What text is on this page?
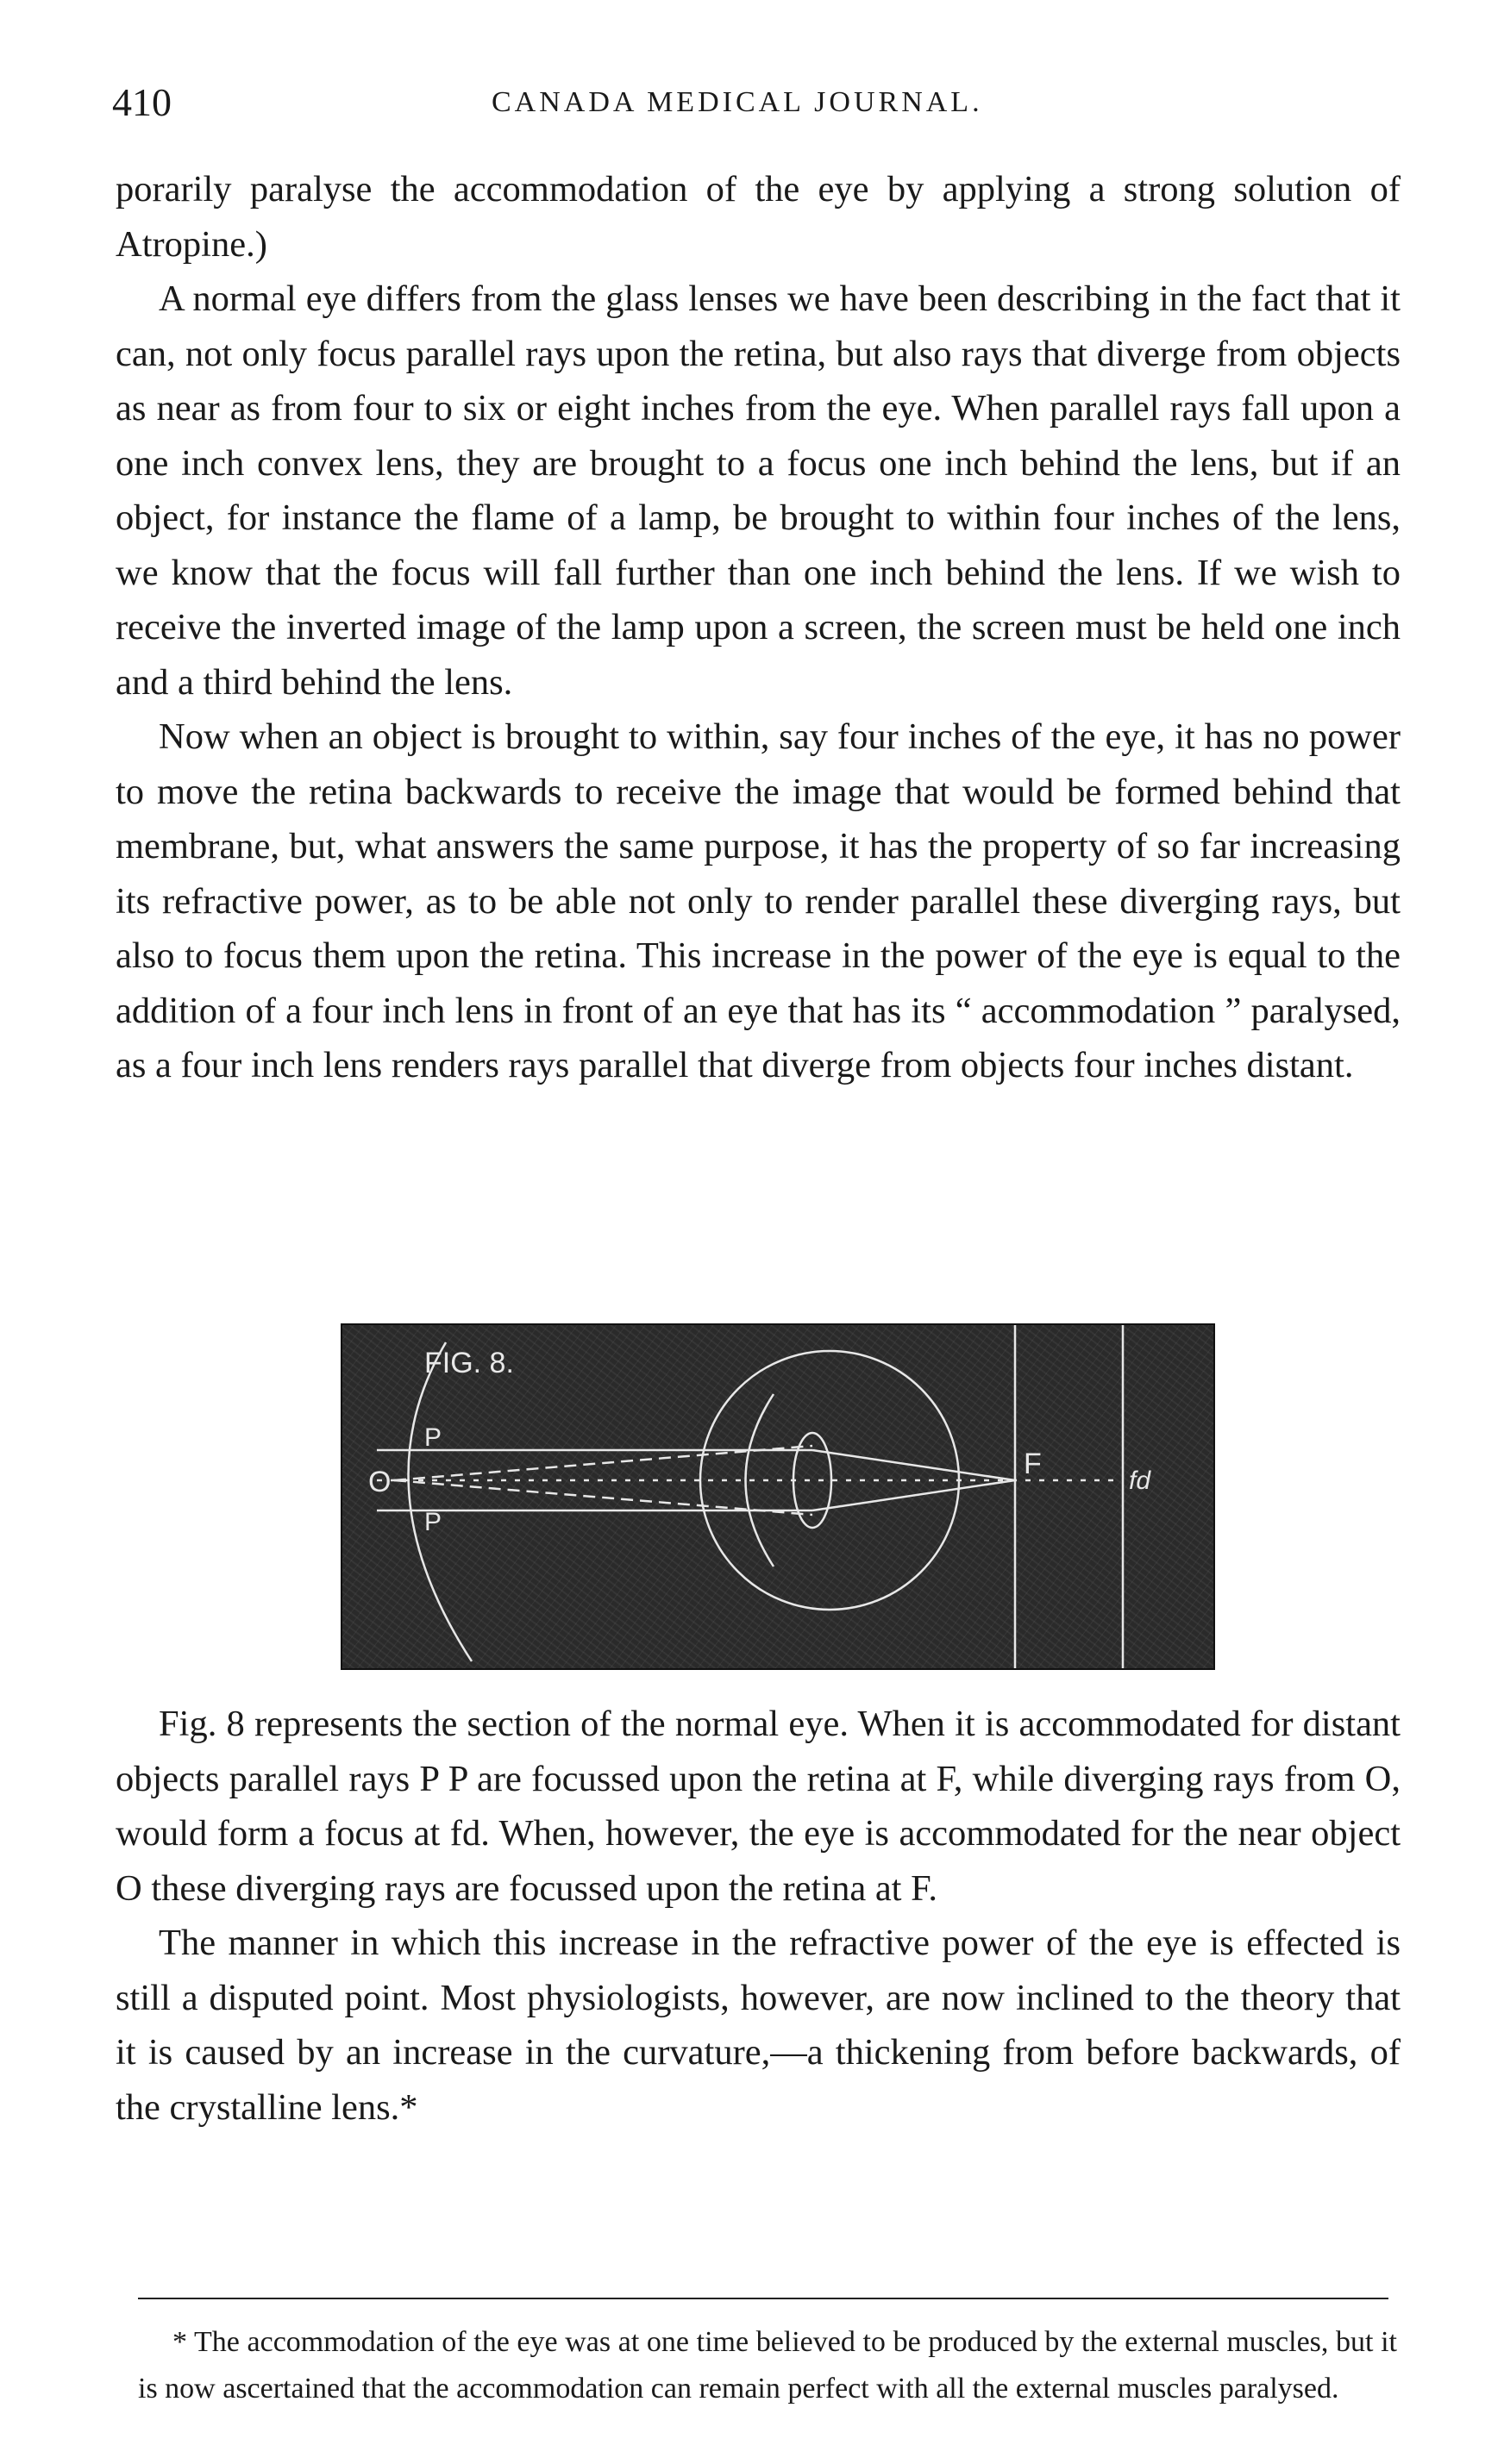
410	CANADA MEDICAL JOURNAL.

porarily paralyse the accommodation of the eye by applying a strong solution of Atropine.)

A normal eye differs from the glass lenses we have been describing in the fact that it can, not only focus parallel rays upon the retina, but also rays that diverge from objects as near as from four to six or eight inches from the eye. When parallel rays fall upon a one inch convex lens, they are brought to a focus one inch behind the lens, but if an object, for instance the flame of a lamp, be brought to within four inches of the lens, we know that the focus will fall further than one inch behind the lens. If we wish to receive the inverted image of the lamp upon a screen, the screen must be held one inch and a third behind the lens.

Now when an object is brought to within, say four inches of the eye, it has no power to move the retina backwards to receive the image that would be formed behind that membrane, but, what answers the same purpose, it has the property of so far increasing its refractive power, as to be able not only to render parallel these diverging rays, but also to focus them upon the retina. This increase in the power of the eye is equal to the addition of a four inch lens in front of an eye that has its “ accommodation ” paralysed, as a four inch lens renders rays parallel that diverge from objects four inches distant.

FIG. 8.
P
O
P
F
fd

Fig. 8 represents the section of the normal eye. When it is accommodated for distant objects parallel rays P P are focussed upon the retina at F, while diverging rays from O, would form a focus at fd. When, however, the eye is accommodated for the near object O these diverging rays are focussed upon the retina at F.

The manner in which this increase in the refractive power of the eye is effected is still a disputed point. Most physiologists, however, are now inclined to the theory that it is caused by an increase in the curvature,—a thickening from before backwards, of the crystalline lens.*

* The accommodation of the eye was at one time believed to be produced by the external muscles, but it is now ascertained that the accommodation can remain perfect with all the external muscles paralysed.
